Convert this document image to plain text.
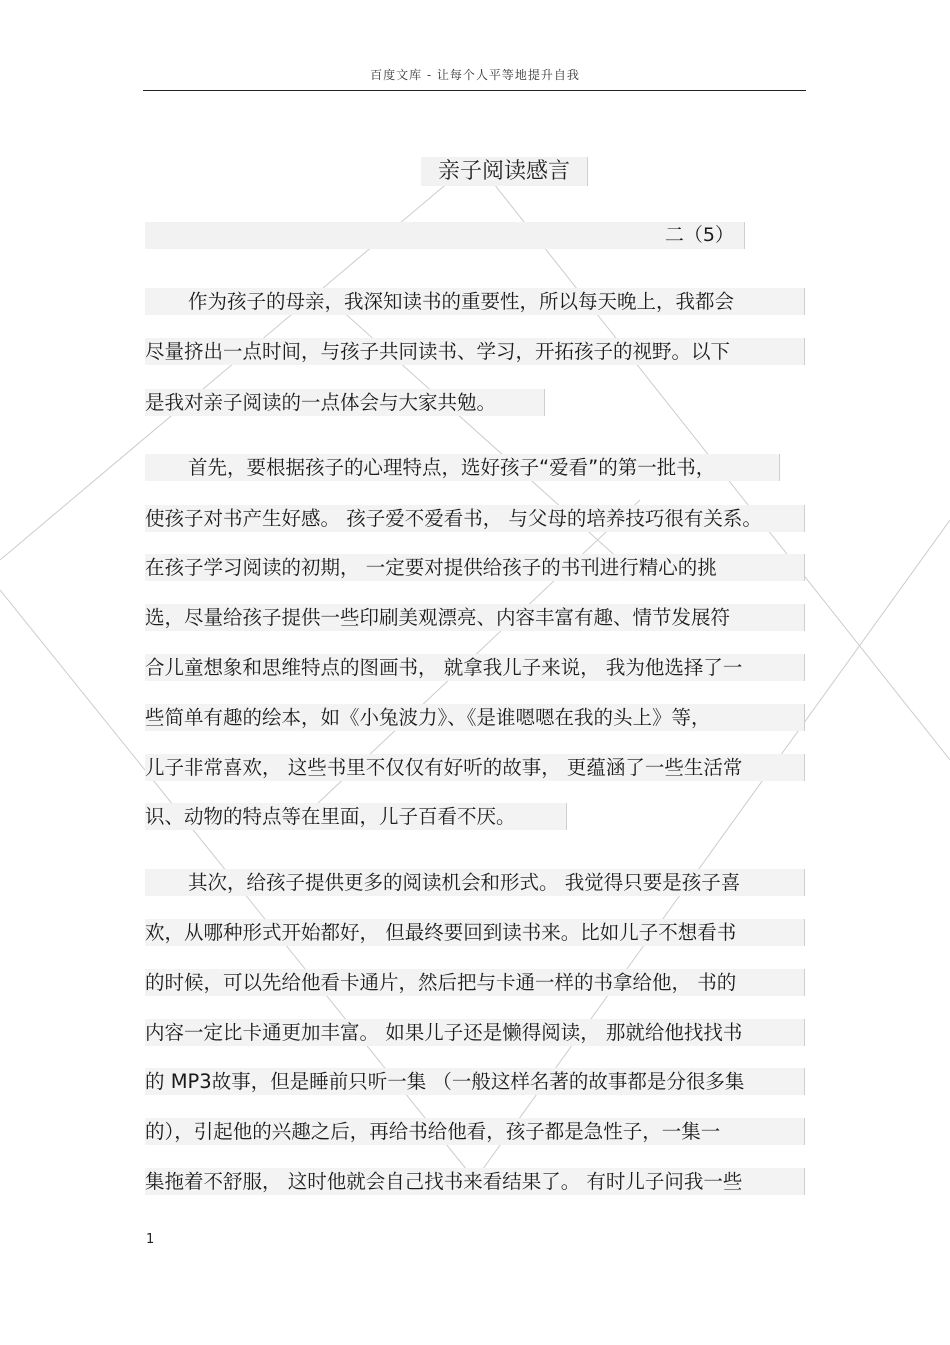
百度文库 - 让每个人平等地提升自我
亲子阅读感言
二（5）
作为孩子的母亲，我深知读书的重要性，所以每天晚上，我都会
尽量挤出一点时间，与孩子共同读书、学习，开拓孩子的视野。以下
是我对亲子阅读的一点体会与大家共勉。
首先，要根据孩子的心理特点，选好孩子“爱看”的第一批书，
使孩子对书产生好感。 孩子爱不爱看书， 与父母的培养技巧很有关系。
在孩子学习阅读的初期， 一定要对提供给孩子的书刊进行精心的挑
选，尽量给孩子提供一些印刷美观漂亮、内容丰富有趣、情节发展符
合儿童想象和思维特点的图画书， 就拿我儿子来说， 我为他选择了一
些简单有趣的绘本，如《小兔波力》、《是谁嗯嗯在我的头上》等，
儿子非常喜欢， 这些书里不仅仅有好听的故事， 更蕴涵了一些生活常
识、动物的特点等在里面，儿子百看不厌。
其次，给孩子提供更多的阅读机会和形式。 我觉得只要是孩子喜
欢，从哪种形式开始都好， 但最终要回到读书来。比如儿子不想看书
的时候，可以先给他看卡通片，然后把与卡通一样的书拿给他， 书的
内容一定比卡通更加丰富。 如果儿子还是懒得阅读， 那就给他找找书
的 MP3故事，但是睡前只听一集 （一般这样名著的故事都是分很多集
的），引起他的兴趣之后，再给书给他看，孩子都是急性子，一集一
集拖着不舒服， 这时他就会自己找书来看结果了。 有时儿子问我一些
1
